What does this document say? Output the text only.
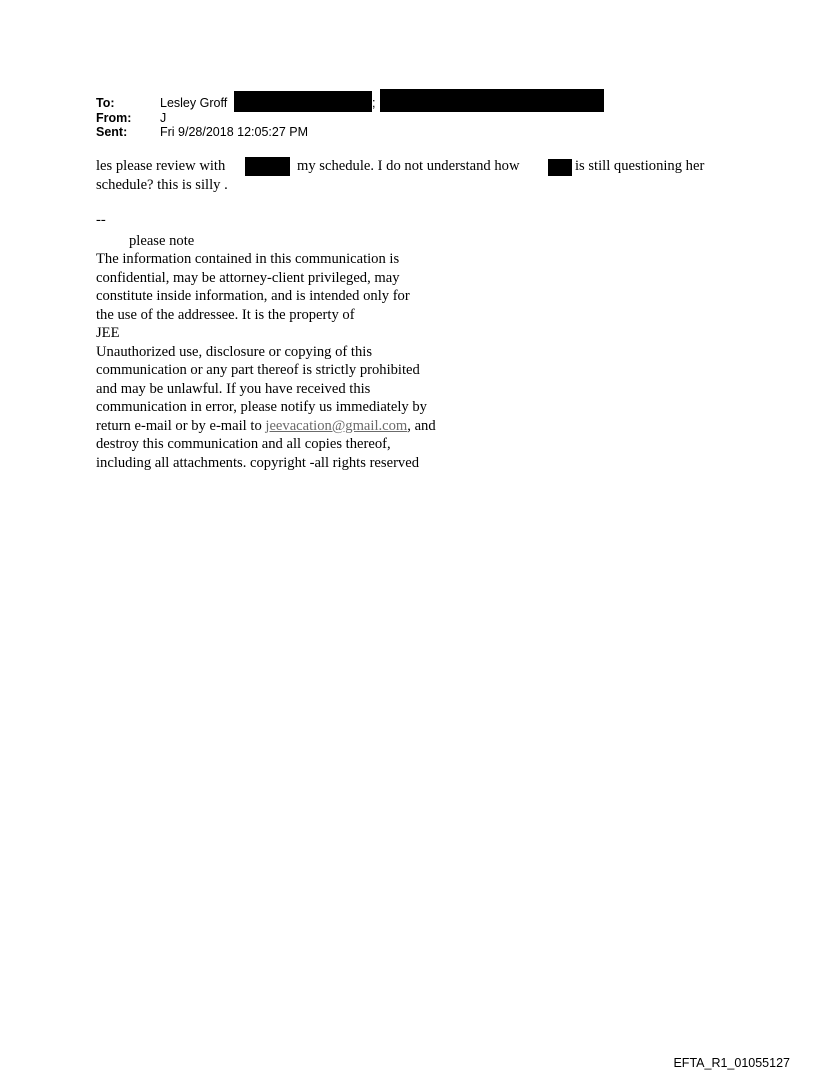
To:	Lesley Groff
From: J
Sent:	Fri 9/28/2018 12:05:27 PM
;
les please review with	my schedule. I do not understand how	is still questioning her
schedule? this is silly .
--
please note
The information contained in this communication is
confidential, may be attorney-client privileged, may
constitute inside information, and is intended only for
the use of the addressee. It is the property of
JEE
Unauthorized use, disclosure or copying of this
communication or any part thereof is strictly prohibited
and may be unlawful. If you have received this
communication in error, please notify us immediately by
return e-mail or by e-mail to jeevacation@gmail.com, and
destroy this communication and all copies thereof,
including all attachments. copyright -all rights reserved
EFTA_R1_01055127
